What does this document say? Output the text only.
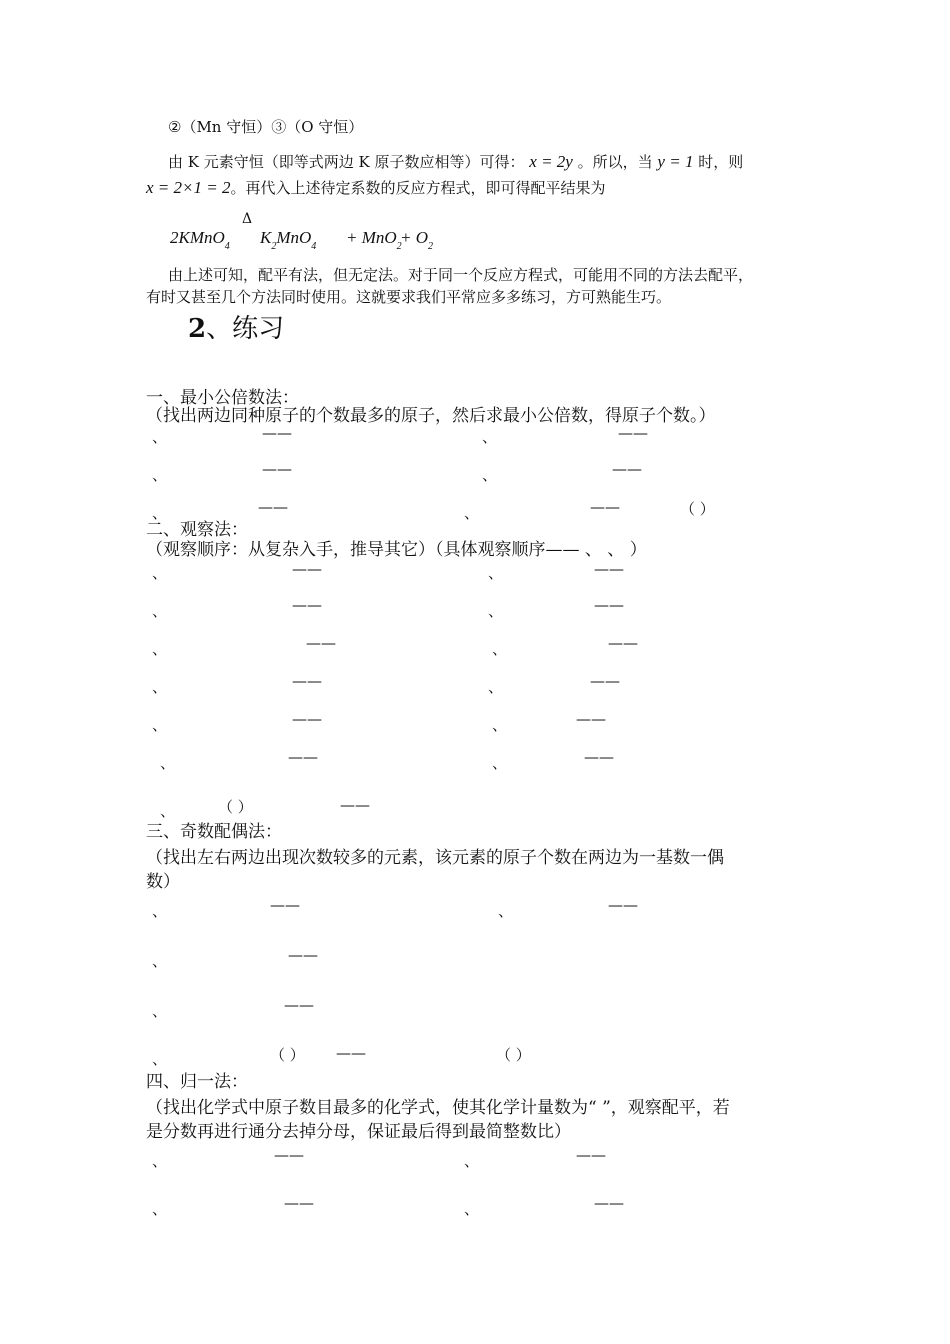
②（Mn 守恒）③（O 守恒）
由 K 元素守恒（即等式两边 K 原子数应相等）可得： x = 2y 。所以，当 y = 1 时，则
x = 2×1 = 2。再代入上述待定系数的反应方程式，即可得配平结果为
2KMnO$_4$
Δ
$K_2MnO_4 + MnO_2$
+ $O_2$
由上述可知，配平有法，但无定法。对于同一个反应方程式，可能用不同的方法去配平，
有时又甚至几个方法同时使用。这就要求我们平常应多多练习，方可熟能生巧。
2、练习
一、最小公倍数法：
（找出两边同种原子的个数最多的原子，然后求最小公倍数，得原子个数。）
、	——	、	——
、	——	、	——
、	——	、	——	（ ）
二、观察法：
（观察顺序：从复杂入手，推导其它）（具体观察顺序—— 、 、 ）
、	——	、	——
、	——	、	——
、	——	、	——
、	——	、	——
、	——	、	——
、	——	、	——
、	（ ）	——
三、奇数配偶法：
（找出左右两边出现次数较多的元素，该元素的原子个数在两边为一基数一偶
数）
、	——	、	——
、	——
、	——
、	（ ） ——	（ ）
四、归一法：
（找出化学式中原子数目最多的化学式，使其化学计量数为“ ”，观察配平，若
是分数再进行通分去掉分母，保证最后得到最简整数比）
、	——	、	——
、	——	、	——
